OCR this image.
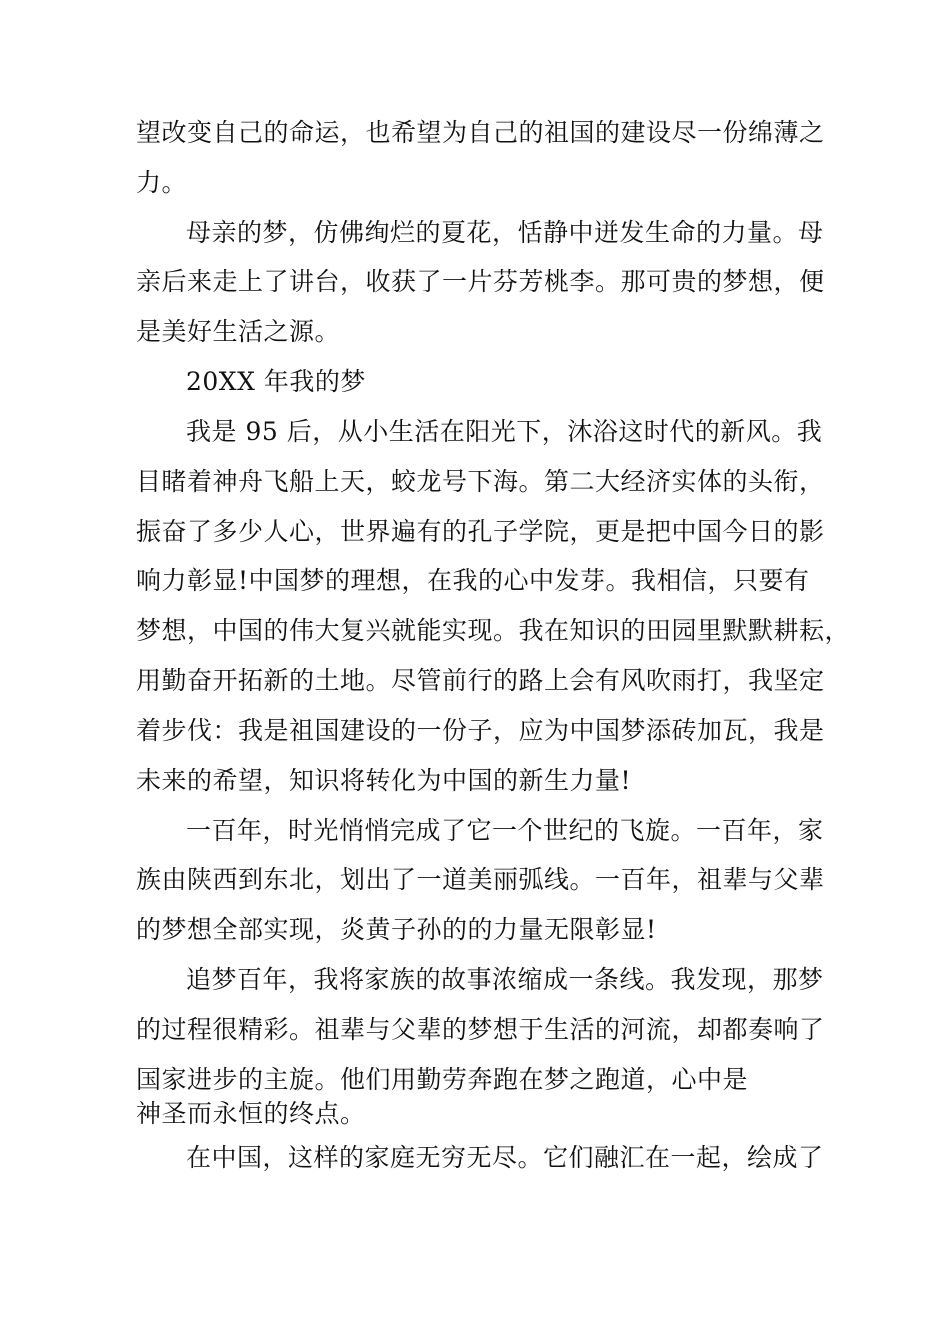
望改变自己的命运，也希望为自己的祖国的建设尽一份绵薄之
力。
母亲的梦，仿佛绚烂的夏花，恬静中迸发生命的力量。母
亲后来走上了讲台，收获了一片芬芳桃李。那可贵的梦想，便
是美好生活之源。
20XX 年我的梦
我是 95 后，从小生活在阳光下，沐浴这时代的新风。我
目睹着神舟飞船上天，蛟龙号下海。第二大经济实体的头衔，
振奋了多少人心，世界遍有的孔子学院，更是把中国今日的影
响力彰显!中国梦的理想，在我的心中发芽。我相信，只要有
梦想，中国的伟大复兴就能实现。我在知识的田园里默默耕耘，
用勤奋开拓新的土地。尽管前行的路上会有风吹雨打，我坚定
着步伐：我是祖国建设的一份子，应为中国梦添砖加瓦，我是
未来的希望，知识将转化为中国的新生力量!
一百年，时光悄悄完成了它一个世纪的飞旋。一百年，家
族由陕西到东北，划出了一道美丽弧线。一百年，祖辈与父辈
的梦想全部实现，炎黄子孙的的力量无限彰显!
追梦百年，我将家族的故事浓缩成一条线。我发现，那梦
的过程很精彩。祖辈与父辈的梦想于生活的河流，却都奏响了
国家进步的主旋。他们用勤劳奔跑在梦之跑道，心中是
神圣而永恒的终点。
在中国，这样的家庭无穷无尽。它们融汇在一起，绘成了
